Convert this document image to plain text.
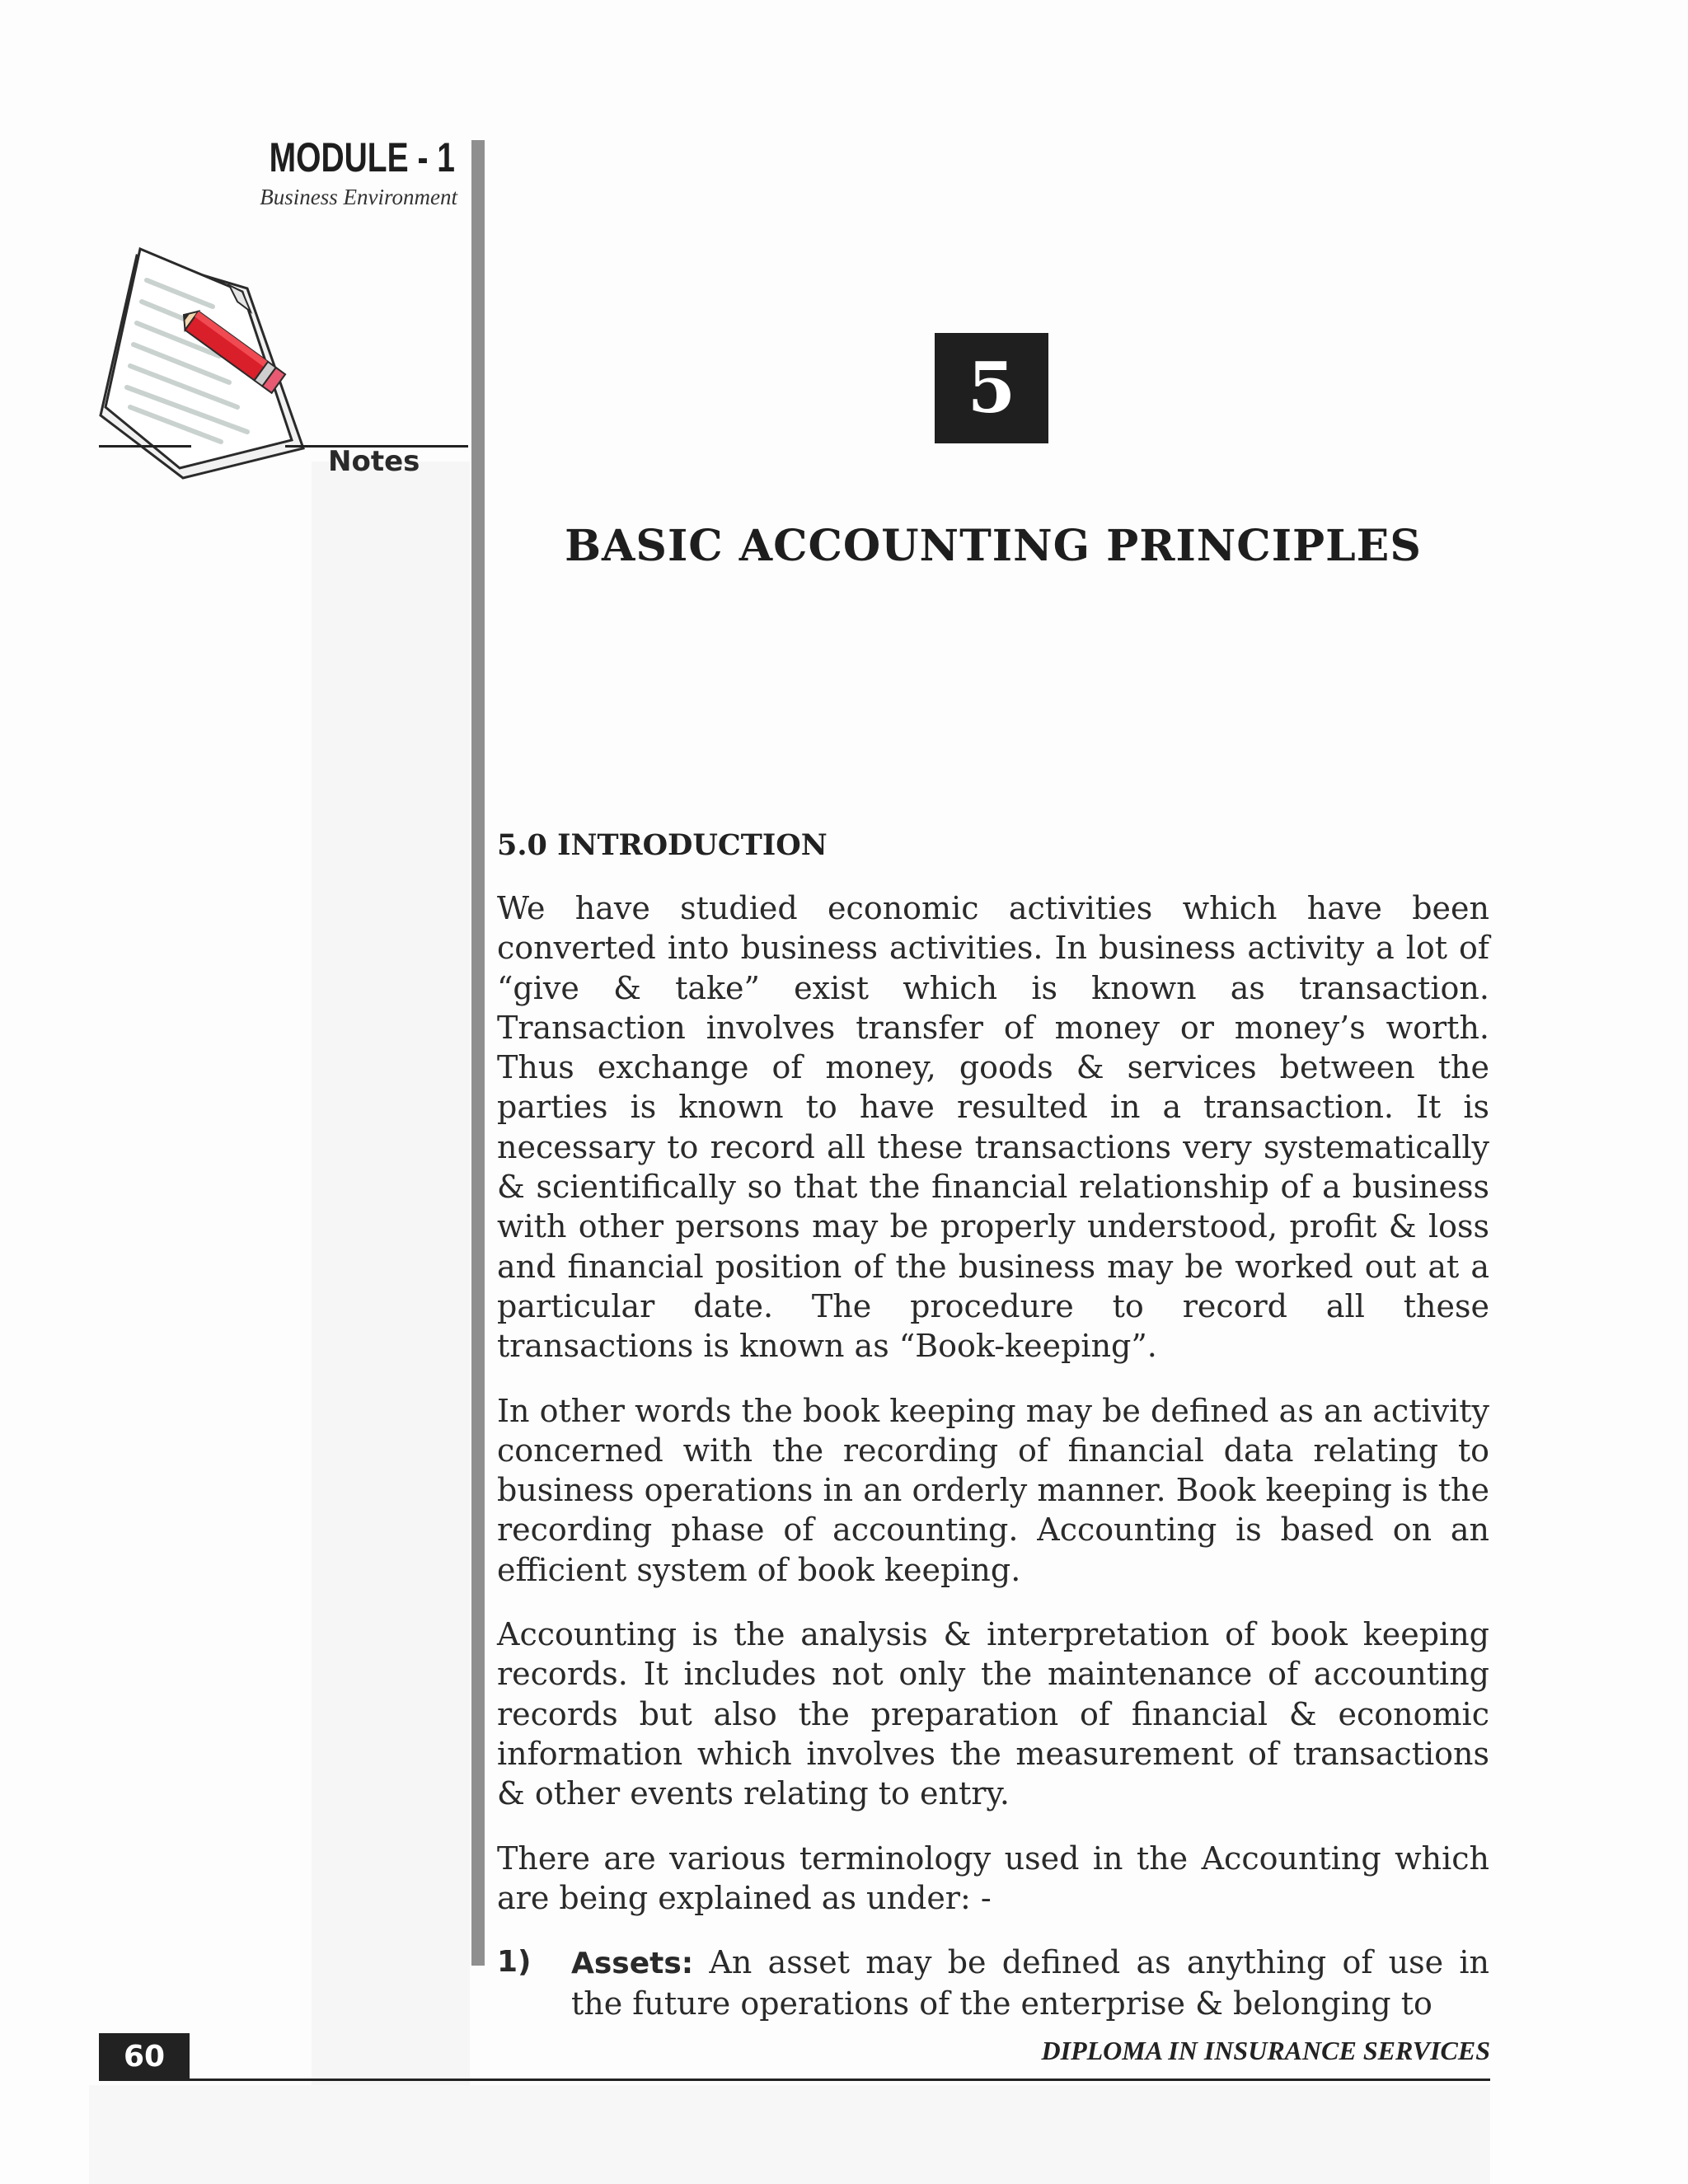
MODULE - 1
Business Environment
Notes
5
BASIC ACCOUNTING PRINCIPLES
5.0 INTRODUCTION

We have studied economic activities which have been converted into business activities. In business activity a lot of “give & take” exist which is known as transaction. Transaction involves transfer of money or money’s worth. Thus exchange of money, goods & services between the parties is known to have resulted in a transaction. It is necessary to record all these transactions very systematically & scientifically so that the financial relationship of a business with other persons may be properly understood, profit & loss and financial position of the business may be worked out at a particular date. The procedure to record all these transactions is known as “Book-keeping”.

In other words the book keeping may be defined as an activity concerned with the recording of financial data relating to business operations in an orderly manner. Book keeping is the recording phase of accounting. Accounting is based on an efficient system of book keeping.

Accounting is the analysis & interpretation of book keeping records. It includes not only the maintenance of accounting records but also the preparation of financial & economic information which involves the measurement of transactions & other events relating to entry.

There are various terminology used in the Accounting which are being explained as under: -

1)	Assets: An asset may be defined as anything of use in the future operations of the enterprise & belonging to
60	DIPLOMA IN INSURANCE SERVICES
